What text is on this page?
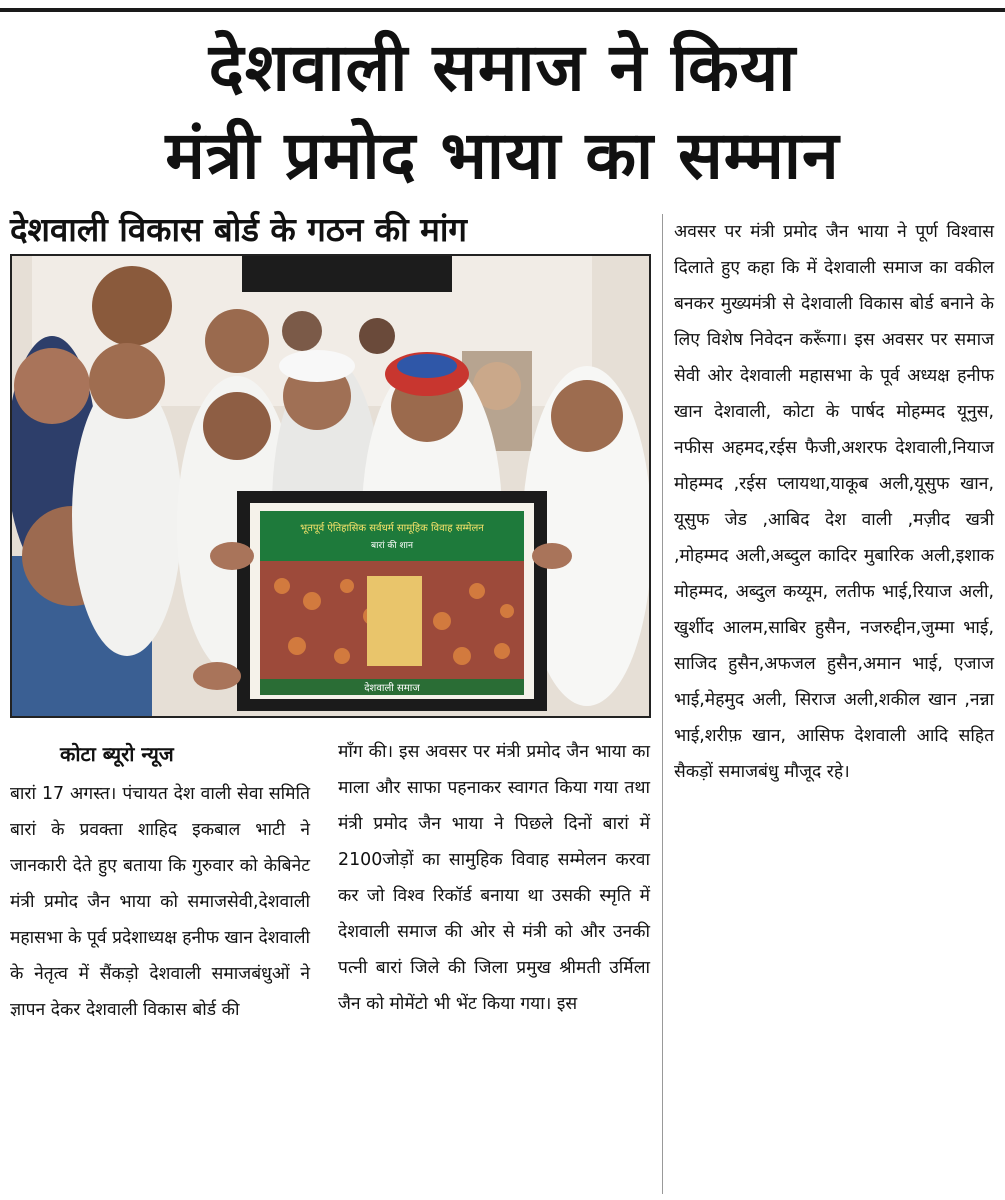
देशवाली समाज ने किया
मंत्री प्रमोद भाया का सम्मान
देशवाली विकास बोर्ड के गठन की मांग
भूतपूर्व ऐतिहासिक सर्वधर्म सामूहिक विवाह सम्मेलन
बारां की शान
देशवाली समाज

अवसर पर मंत्री प्रमोद जैन भाया ने पूर्ण विश्वास दिलाते हुए कहा कि में देशवाली समाज का वकील बनकर मुख्यमंत्री से देशवाली विकास बोर्ड बनाने के लिए विशेष निवेदन करूँगा। इस अवसर पर समाज सेवी ओर देशवाली महासभा के पूर्व अध्यक्ष हनीफ खान देशवाली, कोटा के पार्षद मोहम्मद यूनुस, नफीस अहमद,रईस फैजी,अशरफ देशवाली,नियाज मोहम्मद ,रईस प्लायथा,याकूब अली,यूसुफ खान, यूसुफ जेड ,आबिद देश वाली ,मज़ीद खत्री ,मोहम्मद अली,अब्दुल कादिर मुबारिक अली,इशाक मोहम्मद, अब्दुल कय्यूम, लतीफ भाई,रियाज अली, खुर्शीद आलम,साबिर हुसैन, नजरुद्दीन,जुम्मा भाई, साजिद हुसैन,अफजल हुसैन,अमान भाई, एजाज भाई,मेहमुद अली, सिराज अली,शकील खान ,नन्ना भाई,शरीफ़ खान, आसिफ देशवाली आदि सहित सैकड़ों समाजबंधु मौजूद रहे।

कोटा ब्यूरो न्यूज

बारां 17 अगस्त। पंचायत देश वाली सेवा समिति बारां के प्रवक्ता शाहिद इकबाल भाटी ने जानकारी देते हुए बताया कि गुरुवार को केबिनेट मंत्री प्रमोद जैन भाया को समाजसेवी,देशवाली महासभा के पूर्व प्रदेशाध्यक्ष हनीफ खान देशवाली के नेतृत्व में सैंकड़ो देशवाली समाजबंधुओं ने ज्ञापन देकर देशवाली विकास बोर्ड की

माँग की। इस अवसर पर मंत्री प्रमोद जैन भाया का माला और साफा पहनाकर स्वागत किया गया तथा मंत्री प्रमोद जैन भाया ने पिछले दिनों बारां में 2100जोड़ों का सामुहिक विवाह सम्मेलन करवा कर जो विश्व रिकॉर्ड बनाया था उसकी स्मृति में देशवाली समाज की ओर से मंत्री को और उनकी पत्नी बारां जिले की जिला प्रमुख श्रीमती उर्मिला जैन को मोमेंटो भी भेंट किया गया। इस
